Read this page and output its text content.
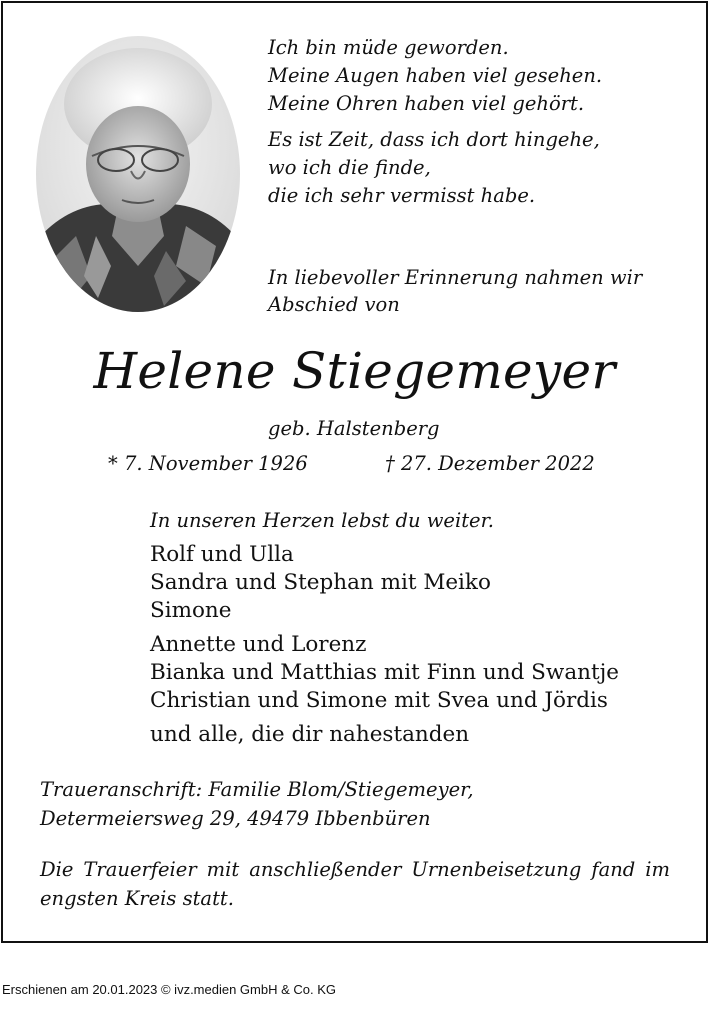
Ich bin müde geworden.
Meine Augen haben viel gesehen.
Meine Ohren haben viel gehört.
Es ist Zeit, dass ich dort hingehe,
wo ich die finde,
die ich sehr vermisst habe.
In liebevoller Erinnerung nahmen wir
Abschied von
Helene Stiegemeyer
geb. Halstenberg
* 7. November 1926	† 27. Dezember 2022
In unseren Herzen lebst du weiter.
Rolf und Ulla
Sandra und Stephan mit Meiko
Simone
Annette und Lorenz
Bianka und Matthias mit Finn und Swantje
Christian und Simone mit Svea und Jördis
und alle, die dir nahestanden
Traueranschrift: Familie Blom/Stiegemeyer,
Determeiersweg 29, 49479 Ibbenbüren
Die Trauerfeier mit anschließender Urnenbeisetzung fand im engsten Kreis statt.
Erschienen am 20.01.2023 © ivz.medien GmbH & Co. KG
